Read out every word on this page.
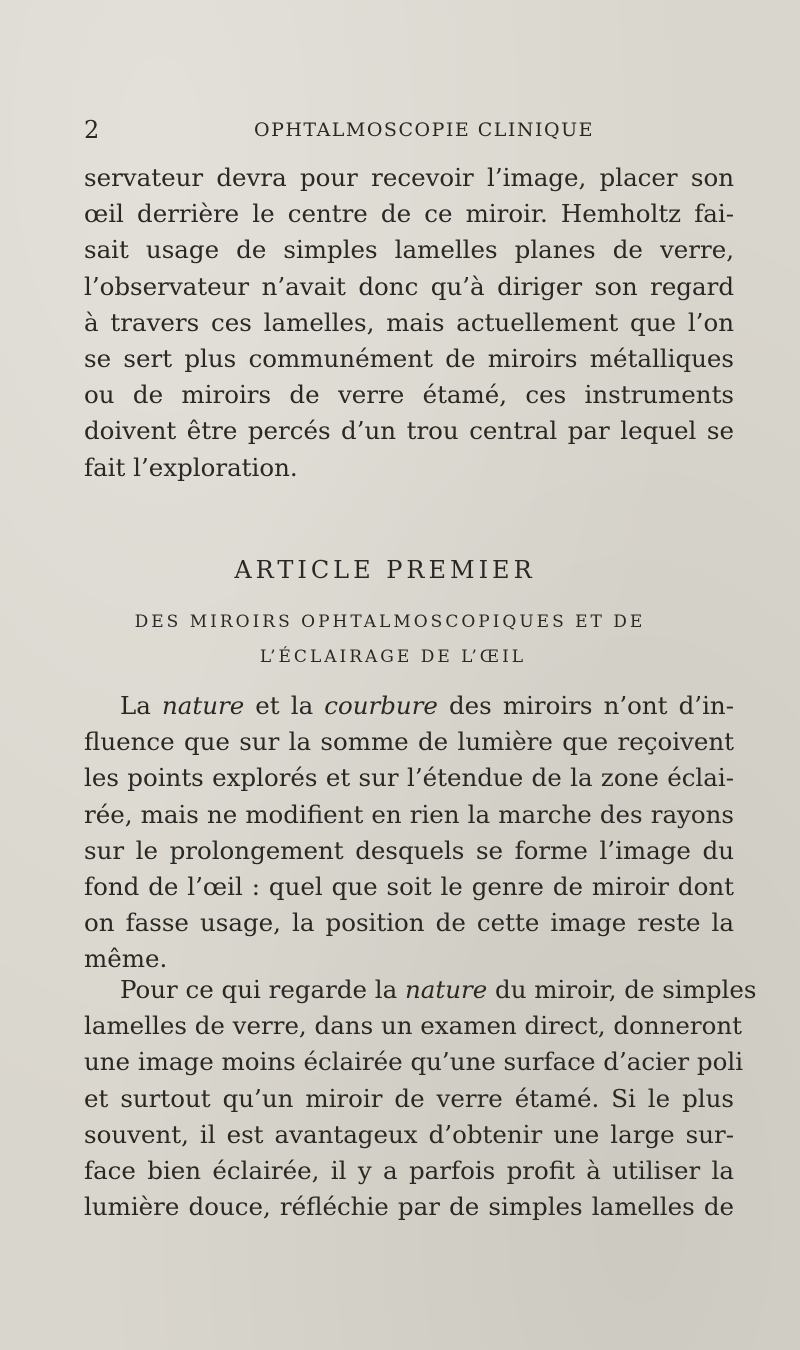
2	OPHTALMOSCOPIE CLINIQUE
servateur devra pour recevoir l’image, placer son
œil derrière le centre de ce miroir. Hemholtz fai-
sait usage de simples lamelles planes de verre,
l’observateur n’avait donc qu’à diriger son regard
à travers ces lamelles, mais actuellement que l’on
se sert plus communément de miroirs métalliques
ou de miroirs de verre étamé, ces instruments
doivent être percés d’un trou central par lequel se
fait l’exploration.
ARTICLE PREMIER
DES MIROIRS OPHTALMOSCOPIQUES ET DE
L’ÉCLAIRAGE DE L’ŒIL
La nature et la courbure des miroirs n’ont d’in-
fluence que sur la somme de lumière que reçoivent
les points explorés et sur l’étendue de la zone éclai-
rée, mais ne modifient en rien la marche des rayons
sur le prolongement desquels se forme l’image du
fond de l’œil : quel que soit le genre de miroir dont
on fasse usage, la position de cette image reste la
même.
Pour ce qui regarde la nature du miroir, de simples
lamelles de verre, dans un examen direct, donneront
une image moins éclairée qu’une surface d’acier poli
et surtout qu’un miroir de verre étamé. Si le plus
souvent, il est avantageux d’obtenir une large sur-
face bien éclairée, il y a parfois profit à utiliser la
lumière douce, réfléchie par de simples lamelles de
